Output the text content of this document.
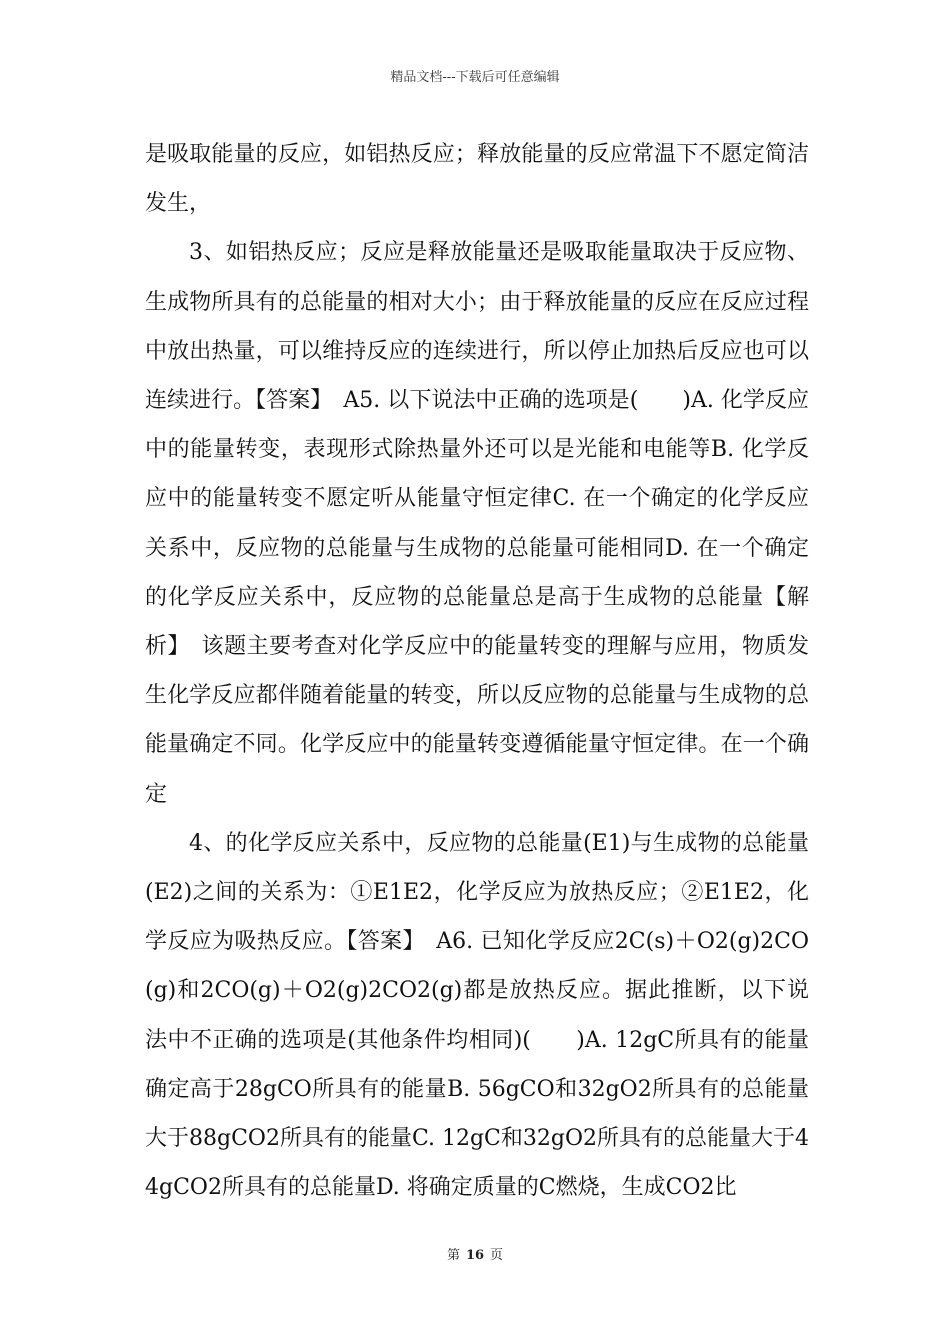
精品文档---下载后可任意编辑

是吸取能量的反应，如铝热反应；释放能量的反应常温下不愿定简洁发生，

3、如铝热反应；反应是释放能量还是吸取能量取决于反应物、生成物所具有的总能量的相对大小；由于释放能量的反应在反应过程中放出热量，可以维持反应的连续进行，所以停止加热后反应也可以连续进行。【答案】　A5. 以下说法中正确的选项是(　　)A. 化学反应中的能量转变，表现形式除热量外还可以是光能和电能等B. 化学反应中的能量转变不愿定听从能量守恒定律C. 在一个确定的化学反应关系中，反应物的总能量与生成物的总能量可能相同D. 在一个确定的化学反应关系中，反应物的总能量总是高于生成物的总能量【解析】　该题主要考查对化学反应中的能量转变的理解与应用，物质发生化学反应都伴随着能量的转变，所以反应物的总能量与生成物的总能量确定不同。化学反应中的能量转变遵循能量守恒定律。在一个确定

4、的化学反应关系中，反应物的总能量(E1)与生成物的总能量(E2)之间的关系为：①E1E2，化学反应为放热反应；②E1E2，化学反应为吸热反应。【答案】　A6. 已知化学反应2C(s)＋O2(g)2CO(g)和2CO(g)＋O2(g)2CO2(g)都是放热反应。据此推断，以下说法中不正确的选项是(其他条件均相同)(　　)A. 12gC所具有的能量确定高于28gCO所具有的能量B. 56gCO和32gO2所具有的总能量大于88gCO2所具有的能量C. 12gC和32gO2所具有的总能量大于44gCO2所具有的总能量D. 将确定质量的C燃烧，生成CO2比

第 16 页
